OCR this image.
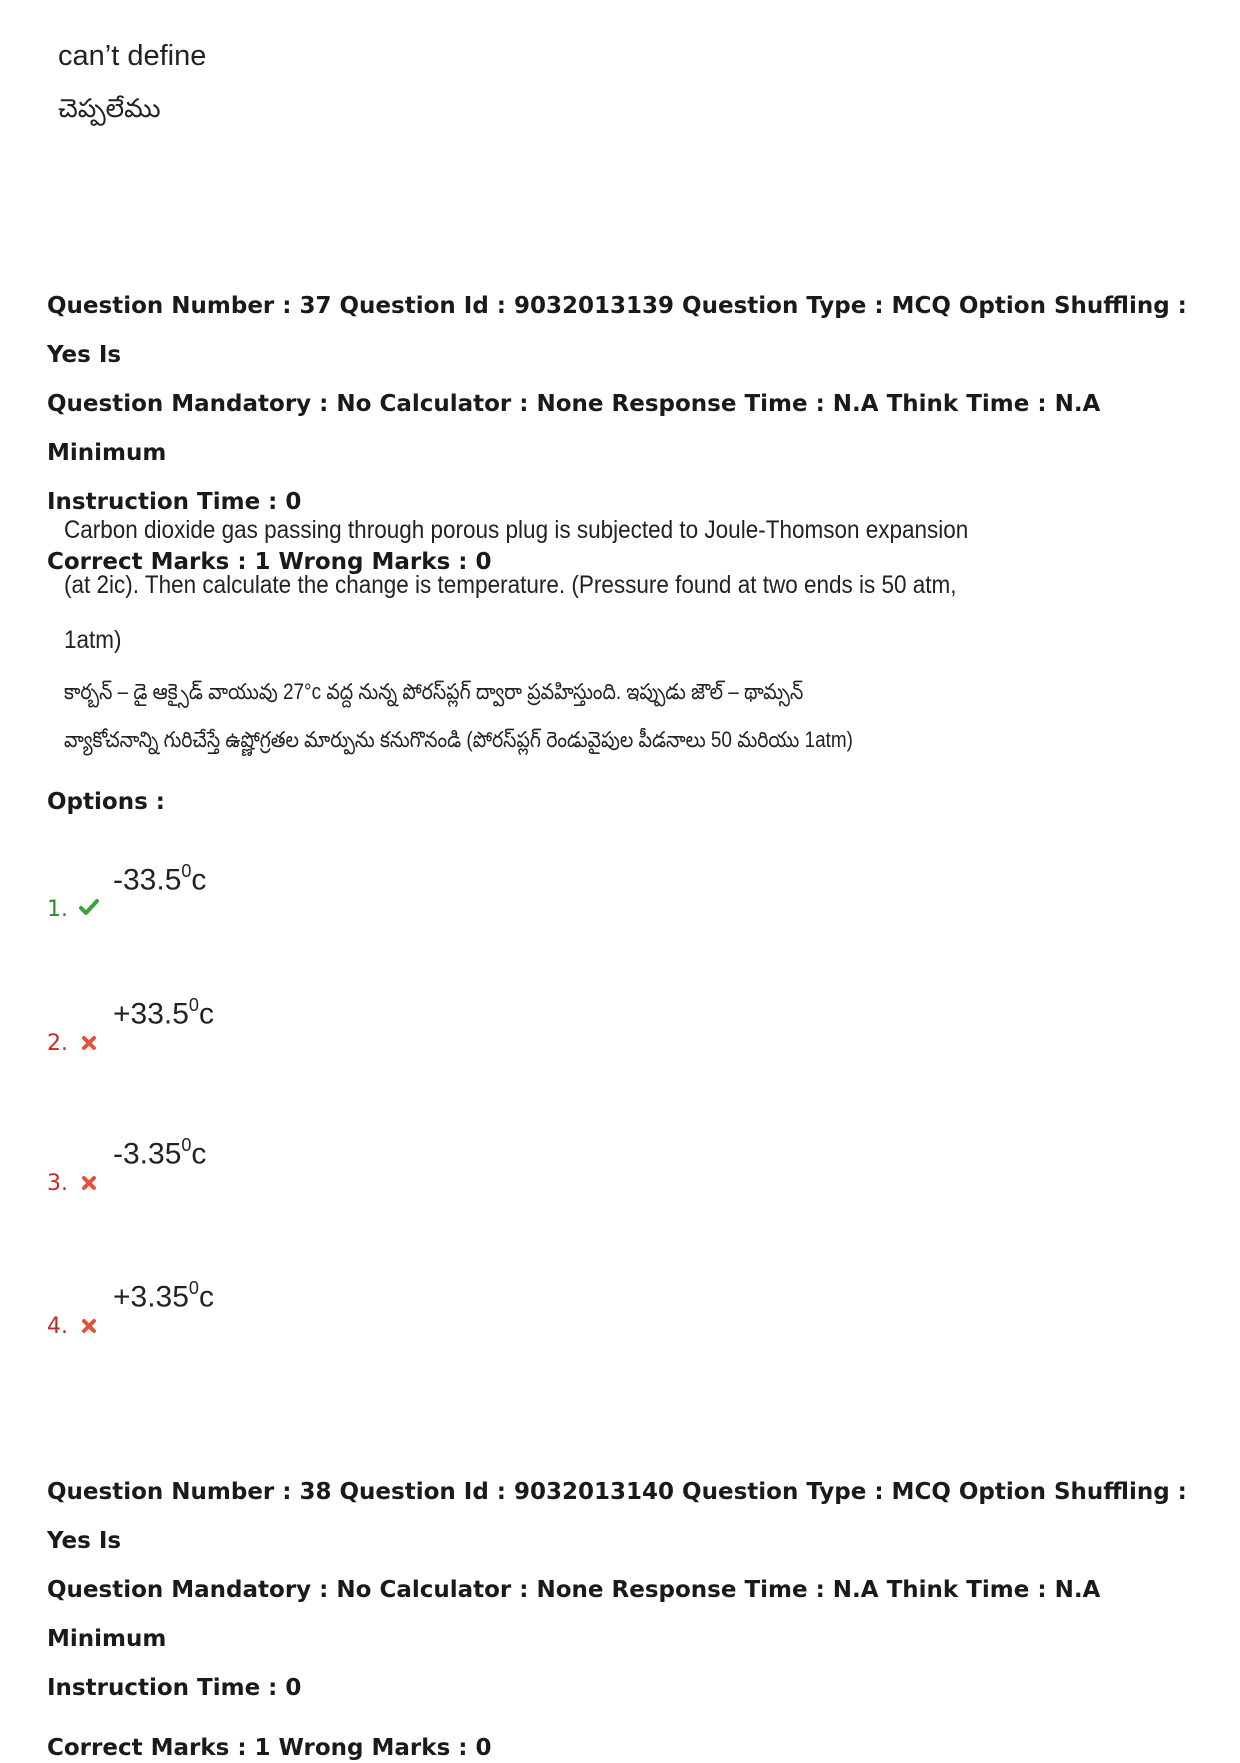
can’t define
చెప్పలేము

Question Number : 37 Question Id : 9032013139 Question Type : MCQ Option Shuffling : Yes Is

Question Mandatory : No Calculator : None Response Time : N.A Think Time : N.A Minimum

Instruction Time : 0

Correct Marks : 1 Wrong Marks : 0
Carbon dioxide gas passing through porous plug is subjected to Joule-Thomson expansion
(at 2ic). Then calculate the change is temperature. (Pressure found at two ends is 50 atm,
1atm)
కార్బన్ – డై ఆక్సైడ్ వాయువు 27°c వద్ద నున్న పోరస్‌ప్లగ్ ద్వారా ప్రవహిస్తుంది. ఇప్పుడు జౌల్ – థామ్సన్
వ్యాకోచనాన్ని గురిచేస్తే ఉష్ణోగ్రతల మార్పును కనుగొనండి (పోరస్‌ప్లగ్ రెండువైపుల పీడనాలు 50 మరియు 1atm)
Options :
1.
-33.5$^0$c
2.
$+33.5^0c$
3.
-3.35$^0$c
4.
$+3.35^0c$

Question Number : 38 Question Id : 9032013140 Question Type : MCQ Option Shuffling : Yes Is

Question Mandatory : No Calculator : None Response Time : N.A Think Time : N.A Minimum

Instruction Time : 0

Correct Marks : 1 Wrong Marks : 0
